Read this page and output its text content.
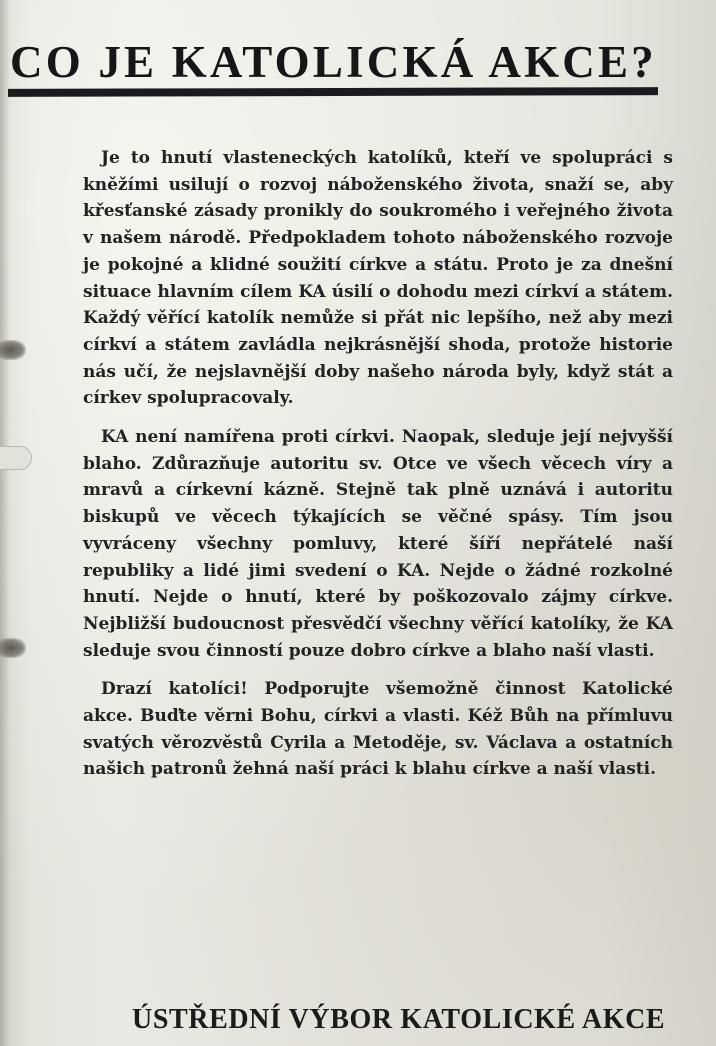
CO JE KATOLICKÁ AKCE?

Je to hnutí vlasteneckých katolíků, kteří ve spolupráci s kněžími usilují o rozvoj náboženského života, snaží se, aby křesťanské zásady pronikly do soukromého i veřejného života v našem národě. Předpokladem tohoto náboženského rozvoje je pokojné a klidné soužití církve a státu. Proto je za dnešní situace hlavním cílem KA úsilí o dohodu mezi církví a státem. Každý věřící katolík nemůže si přát nic lepšího, než aby mezi církví a státem zavládla nejkrásnější shoda, protože historie nás učí, že nejslavnější doby našeho národa byly, když stát a církev spolupracovaly.

KA není namířena proti církvi. Naopak, sleduje její nejvyšší blaho. Zdůrazňuje autoritu sv. Otce ve všech věcech víry a mravů a církevní kázně. Stejně tak plně uznává i autoritu biskupů ve věcech týkajících se věčné spásy. Tím jsou vyvráceny všechny pomluvy, které šíří nepřátelé naší republiky a lidé jimi svedení o KA. Nejde o žádné rozkolné hnutí. Nejde o hnutí, které by poškozovalo zájmy církve. Nejbližší budoucnost přesvědčí všechny věřící katolíky, že KA sleduje svou činností pouze dobro církve a blaho naší vlasti.

Drazí katolíci! Podporujte všemožně činnost Katolické akce. Buďte věrni Bohu, církvi a vlasti. Kéž Bůh na přímluvu svatých věrozvěstů Cyrila a Metoděje, sv. Václava a ostatních našich patronů žehná naší práci k blahu církve a naší vlasti.

ÚSTŘEDNÍ VÝBOR KATOLICKÉ AKCE
